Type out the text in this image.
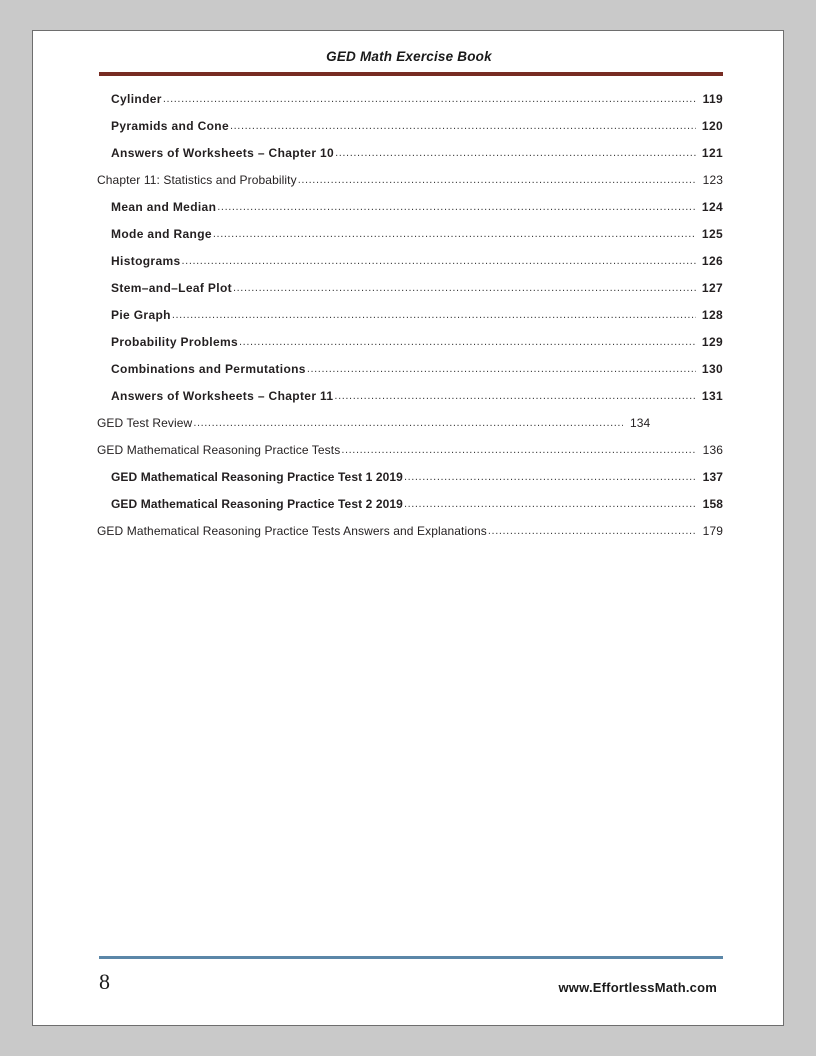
GED Math Exercise Book
Cylinder .....	119
Pyramids and Cone .....	120
Answers of Worksheets – Chapter 10 .....	121
Chapter 11: Statistics and Probability .....	123
Mean and Median .....	124
Mode and Range .....	125
Histograms .....	126
Stem–and–Leaf Plot .....	127
Pie Graph .....	128
Probability Problems .....	129
Combinations and Permutations .....	130
Answers of Worksheets – Chapter 11 .....	131
GED Test Review .....	134
GED Mathematical Reasoning Practice Tests .....	136
GED Mathematical Reasoning Practice Test 1 2019 .....	137
GED Mathematical Reasoning Practice Test 2 2019 .....	158
GED Mathematical Reasoning Practice Tests Answers and Explanations .....	179
8	www.EffortlessMath.com
